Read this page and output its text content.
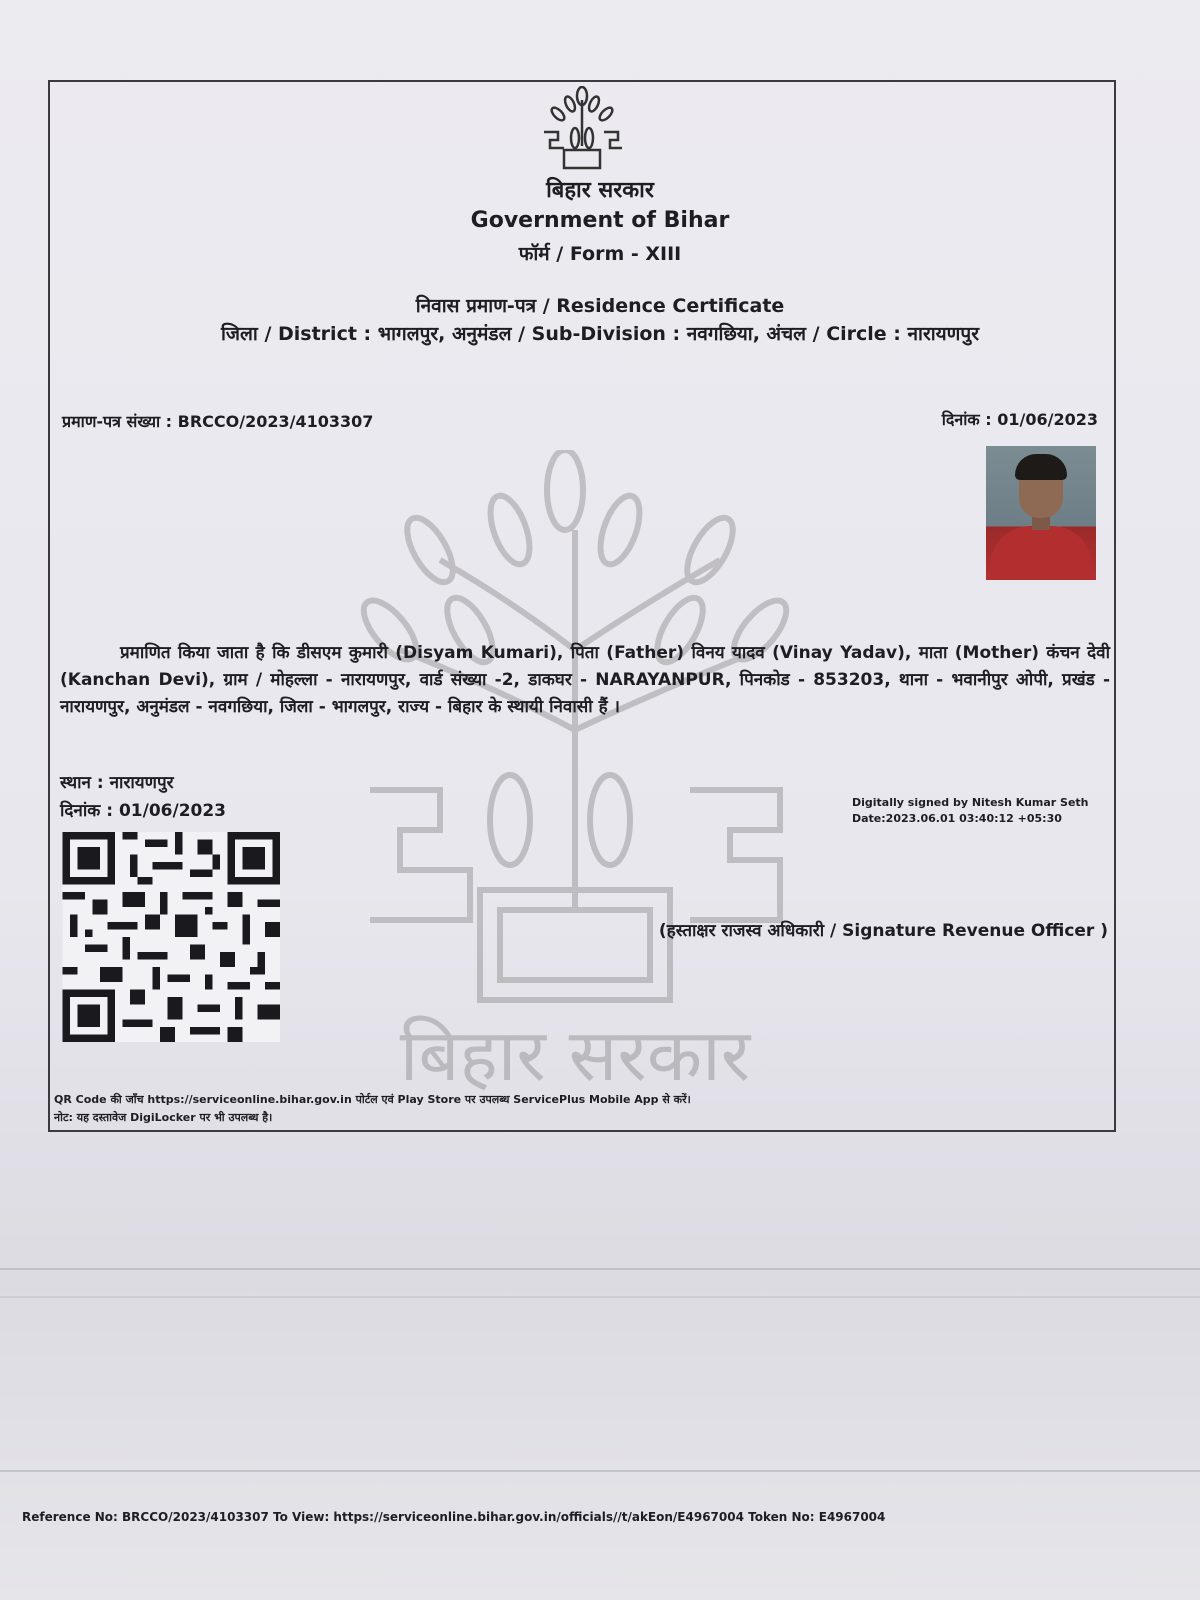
बिहार सरकार
बिहार सरकार
Government of Bihar
फॉर्म / Form - XIII
निवास प्रमाण-पत्र / Residence Certificate
जिला / District : भागलपुर, अनुमंडल / Sub-Division : नवगछिया, अंचल / Circle : नारायणपुर
प्रमाण-पत्र संख्या : BRCCO/2023/4103307	दिनांक : 01/06/2023
प्रमाणित किया जाता है कि डीसएम कुमारी (Disyam Kumari), पिता (Father) विनय यादव (Vinay Yadav), माता (Mother) कंचन देवी (Kanchan Devi), ग्राम / मोहल्ला - नारायणपुर, वार्ड संख्या -2, डाकघर - NARAYANPUR, पिनकोड - 853203, थाना - भवानीपुर ओपी, प्रखंड - नारायणपुर, अनुमंडल - नवगछिया, जिला - भागलपुर, राज्य - बिहार के स्थायी निवासी हैं ।
स्थान : नारायणपुर
दिनांक : 01/06/2023	Digitally signed by Nitesh Kumar Seth
Date:2023.06.01 03:40:12 +05:30
(हस्ताक्षर राजस्व अधिकारी / Signature Revenue Officer )
QR Code की जाँच https://serviceonline.bihar.gov.in पोर्टल एवं Play Store पर उपलब्ध ServicePlus Mobile App से करें।
नोट: यह दस्तावेज DigiLocker पर भी उपलब्ध है।
Reference No: BRCCO/2023/4103307 To View: https://serviceonline.bihar.gov.in/officials//t/akEon/E4967004 Token No: E4967004
